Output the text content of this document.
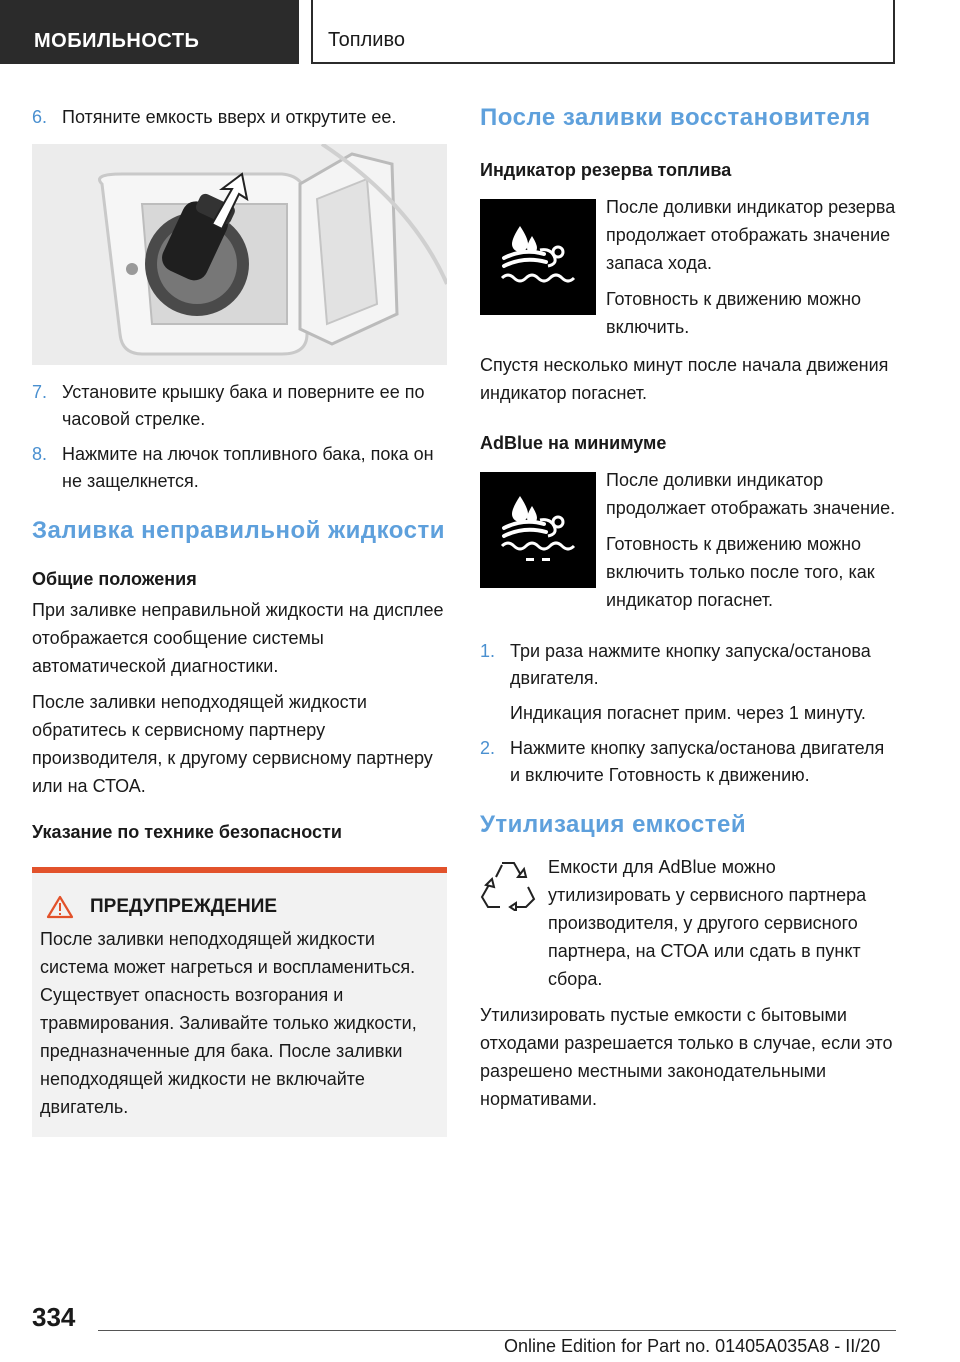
МОБИЛЬНОСТЬ	Топливо
6. Потяните емкость вверх и открутите ее.
7. Установите крышку бака и поверните ее по часовой стрелке.
8. Нажмите на лючок топливного бака, пока он не защелкнется.
Заливка неправильной жидкости
Общие положения

При заливке неправильной жидкости на дисплее отображается сообщение системы автоматической диагностики.

После заливки неподходящей жидкости обратитесь к сервисному партнеру производителя, к другому сервисному партнеру или на СТОА.

Указание по технике безопасности
ПРЕДУПРЕЖДЕНИЕ

После заливки неподходящей жидкости система может нагреться и воспламениться. Существует опасность возгорания и травмирования. Заливайте только жидкости, предназначенные для бака. После заливки неподходящей жидкости не включайте двигатель.

После заливки восстановителя
Индикатор резерва топлива

После доливки индикатор резерва продолжает отображать значение запаса хода.

Готовность к движению можно включить.

Спустя несколько минут после начала движения индикатор погаснет.

AdBlue на минимуме

После доливки индикатор продолжает отображать значение.

Готовность к движению можно включить только после того, как индикатор погаснет.

1. Три раза нажмите кнопку запуска/останова двигателя.
Индикация погаснет прим. через 1 минуту.
2. Нажмите кнопку запуска/останова двигателя и включите Готовность к движению.
Утилизация емкостей

Емкости для AdBlue можно утилизировать у сервисного партнера производителя, у другого сервисного партнера, на СТОА или сдать в пункт сбора.

Утилизировать пустые емкости с бытовыми отходами разрешается только в случае, если это разрешено местными законодательными нормативами.

334
Online Edition for Part no. 01405A035A8 - II/20
